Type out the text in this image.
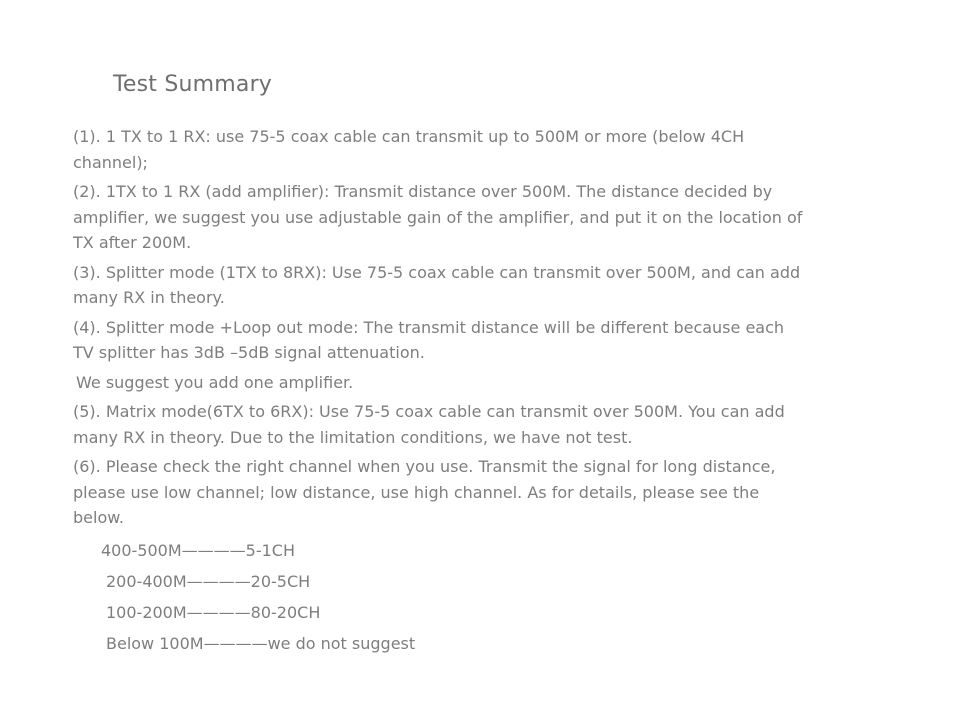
Test Summary

(1). 1 TX to 1 RX: use 75-5 coax cable can transmit up to 500M or more (below 4CH channel);

(2). 1TX to 1 RX (add amplifier): Transmit distance over 500M. The distance decided by amplifier, we suggest you use adjustable gain of the amplifier, and put it on the location of TX after 200M.

(3). Splitter mode (1TX to 8RX): Use 75-5 coax cable can transmit over 500M, and can add many RX in theory.

(4). Splitter mode +Loop out mode: The transmit distance will be different because each TV splitter has 3dB –5dB signal attenuation.

We suggest you add one amplifier.

(5). Matrix mode(6TX to 6RX): Use 75-5 coax cable can transmit over 500M. You can add many RX in theory. Due to the limitation conditions, we have not test.

(6). Please check the right channel when you use. Transmit the signal for long distance, please use low channel; low distance, use high channel. As for details, please see the below.

400-500M————5-1CH
200-400M————20-5CH
100-200M————80-20CH
Below 100M————we do not suggest
